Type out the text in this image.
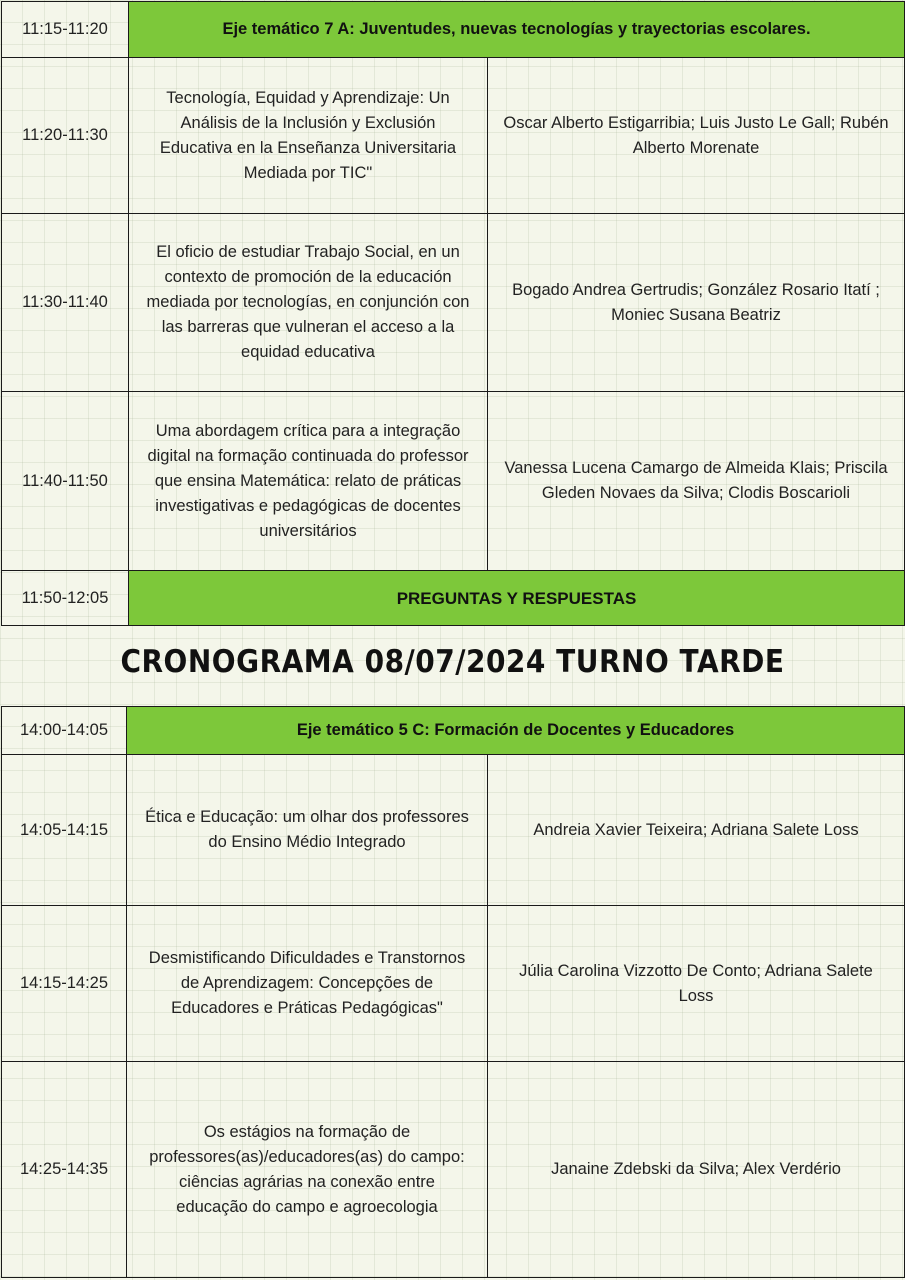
11:15-11:20	Eje temático 7 A: Juventudes, nuevas tecnologías y trayectorias escolares.	
11:20-11:30	Tecnología, Equidad y Aprendizaje: Un Análisis de la Inclusión y Exclusión Educativa en la Enseñanza Universitaria Mediada por TIC"	Oscar Alberto Estigarribia; Luis Justo Le Gall; Rubén Alberto Morenate
11:30-11:40	El oficio de estudiar Trabajo Social, en un contexto de promoción de la educación mediada por tecnologías, en conjunción con las barreras que vulneran el acceso a la equidad educativa	Bogado Andrea Gertrudis; González Rosario Itatí ; Moniec Susana Beatriz
11:40-11:50	Uma abordagem crítica para a integração digital na formação continuada do professor que ensina Matemática: relato de práticas investigativas e pedagógicas de docentes universitários	Vanessa Lucena Camargo de Almeida Klais; Priscila Gleden Novaes da Silva; Clodis Boscarioli
11:50-12:05	PREGUNTAS Y RESPUESTAS	
CRONOGRAMA 08/07/2024 TURNO TARDE
14:00-14:05	Eje temático 5 C: Formación de Docentes y Educadores	
14:05-14:15	Ética e Educação: um olhar dos professores do Ensino Médio Integrado	Andreia Xavier Teixeira; Adriana Salete Loss
14:15-14:25	Desmistificando Dificuldades e Transtornos de Aprendizagem: Concepções de Educadores e Práticas Pedagógicas"	Júlia Carolina Vizzotto De Conto; Adriana Salete Loss
14:25-14:35	Os estágios na formação de professores(as)/educadores(as) do campo: ciências agrárias na conexão entre educação do campo e agroecologia	Janaine Zdebski da Silva; Alex Verdério
